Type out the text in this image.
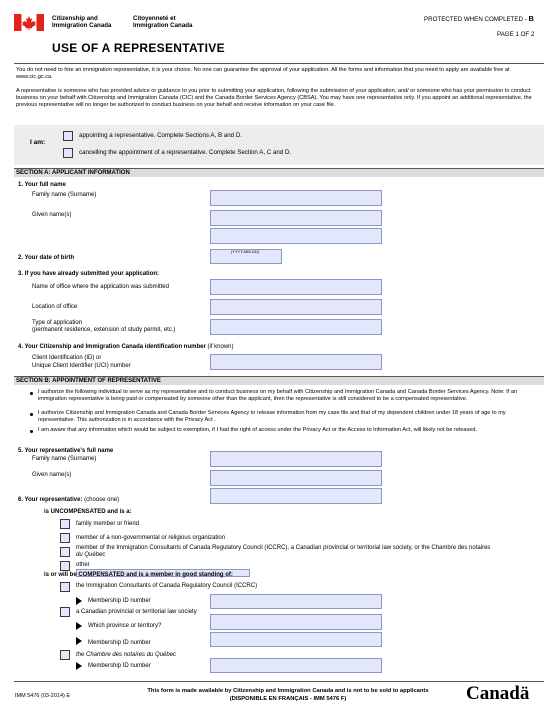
Citizenship and Immigration Canada
Citoyenneté et Immigration Canada
PROTECTED WHEN COMPLETED - B
PAGE 1 OF 2
USE OF A REPRESENTATIVE
You do not need to hire an immigration representative, it is your choice. No one can guarantee the approval of your application. All the forms and information that you need to apply are available free at www.cic.gc.ca.
A representative is someone who has provided advice or guidance to you prior to submitting your application, following the submission of your application, and/ or someone who has your permission to conduct business on your behalf with Citizenship and Immigration Canada (CIC) and the Canada Border Services Agency (CBSA). You may have one representative only. If you appoint an additional representative, the previous representative will no longer be authorized to conduct business on your behalf and receive information on your case file.
I am:
appointing a representative. Complete Sections A, B and D.
cancelling the appointment of a representative. Complete Section A, C and D.
SECTION A: APPLICANT INFORMATION
1. Your full name
Family name (Surname)
Given name(s)
2. Your date of birth
(YYYY-MM-DD)
3. If you have already submitted your application:
Name of office where the application was submitted
Location of office
Type of application
(permanent residence, extension of study permit, etc.)
4. Your Citizenship and Immigration Canada identification number (if known)
Client Identification (ID) or
Unique Client Identifier (UCI) number
SECTION B: APPOINTMENT OF REPRESENTATIVE
I authorize the following individual to serve as my representative and to conduct business on my behalf with Citizenship and Immigration Canada and Canada Border Services Agency. Note: If an immigration representative is being paid or compensated by someone other than the applicant, then the representative is still considered to be a compensated representative.
I authorize Citizenship and Immigration Canada and Canada Border Services Agency to release information from my case file and that of my dependent children under 18 years of age to my representative. This authorization is in accordance with the Privacy Act .
I am aware that any information which would be subject to exemption, if I had the right of access under the Privacy Act or the Access to Information Act, will likely not be released.
5. Your representative's full name
Family name (Surname)
Given name(s)
6. Your representative: (choose one)
is UNCOMPENSATED and is a:
family member or friend
member of a non-governmental or religious organization
member of the Immigration Consultants of Canada Regulatory Council (ICCRC), a Canadian provincial or territorial law society, or the Chambre des notaires
du Québec
other
is or will be COMPENSATED and is a member in good standing of:
the Immigration Consultants of Canada Regulatory Council (ICCRC)
Membership ID number
a Canadian provincial or territorial law society
Which province or territory?
Membership ID number
the Chambre des notaires du Québec
Membership ID number
IMM 5476 (03-2014) E
This form is made available by Citizenship and Immigration Canada and is not to be sold to applicants
(DISPONIBLE EN FRANÇAIS - IMM 5476 F)	Canadä
